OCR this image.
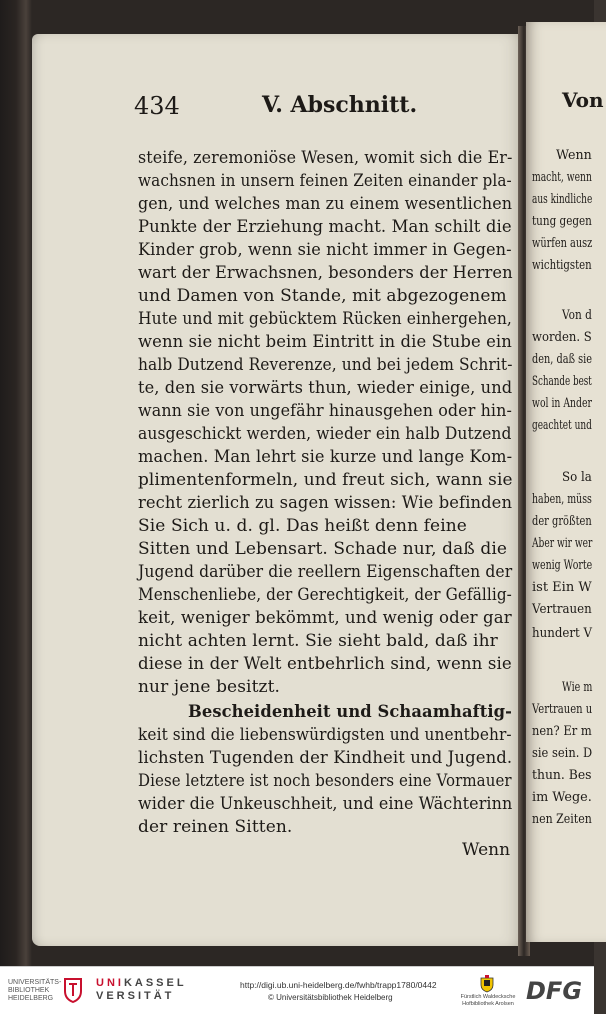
434	V. Abschnitt.	Von
steife, zeremoniöse Wesen, womit sich die Er-
wachsnen in unsern feinen Zeiten einander pla-
gen, und welches man zu einem wesentlichen
Punkte der Erziehung macht. Man schilt die
Kinder grob, wenn sie nicht immer in Gegen-
wart der Erwachsnen, besonders der Herren
und Damen von Stande, mit abgezogenem
Hute und mit gebücktem Rücken einhergehen,
wenn sie nicht beim Eintritt in die Stube ein
halb Dutzend Reverenze, und bei jedem Schrit-
te, den sie vorwärts thun, wieder einige, und
wann sie von ungefähr hinausgehen oder hin-
ausgeschickt werden, wieder ein halb Dutzend
machen. Man lehrt sie kurze und lange Kom-
plimentenformeln, und freut sich, wann sie
recht zierlich zu sagen wissen: Wie befinden
Sie Sich u. d. gl. Das heißt denn feine
Sitten und Lebensart. Schade nur, daß die
Jugend darüber die reellern Eigenschaften der
Menschenliebe, der Gerechtigkeit, der Gefällig-
keit, weniger bekömmt, und wenig oder gar
nicht achten lernt. Sie sieht bald, daß ihr
diese in der Welt entbehrlich sind, wenn sie
nur jene besitzt.
Bescheidenheit und Schaamhaftig-
keit sind die liebenswürdigsten und unentbehr-
lichsten Tugenden der Kindheit und Jugend.
Diese letztere ist noch besonders eine Vormauer
wider die Unkeuschheit, und eine Wächterinn
der reinen Sitten.
Wenn
Wenn
macht, wenn
aus kindliche
tung gegen
würfen ausz
wichtigsten
Von d
worden. S
den, daß sie
Schande best
wol in Ander
geachtet und
So la
haben, müss
der größten
Aber wir wer
wenig Worte
ist Ein W
Vertrauen
hundert V
Wie m
Vertrauen u
nen? Er m
sie sein. D
thun. Bes
im Wege.
nen Zeiten
UNIVERSITÄTS-
BIBLIOTHEK
HEIDELBERG
UNIKASSEL
VERSITÄT
http://digi.ub.uni-heidelberg.de/fwhb/trapp1780/0442
© Universitätsbibliothek Heidelberg	Fürstlich Waldecksche
Hofbibliothek Arolsen DFG
